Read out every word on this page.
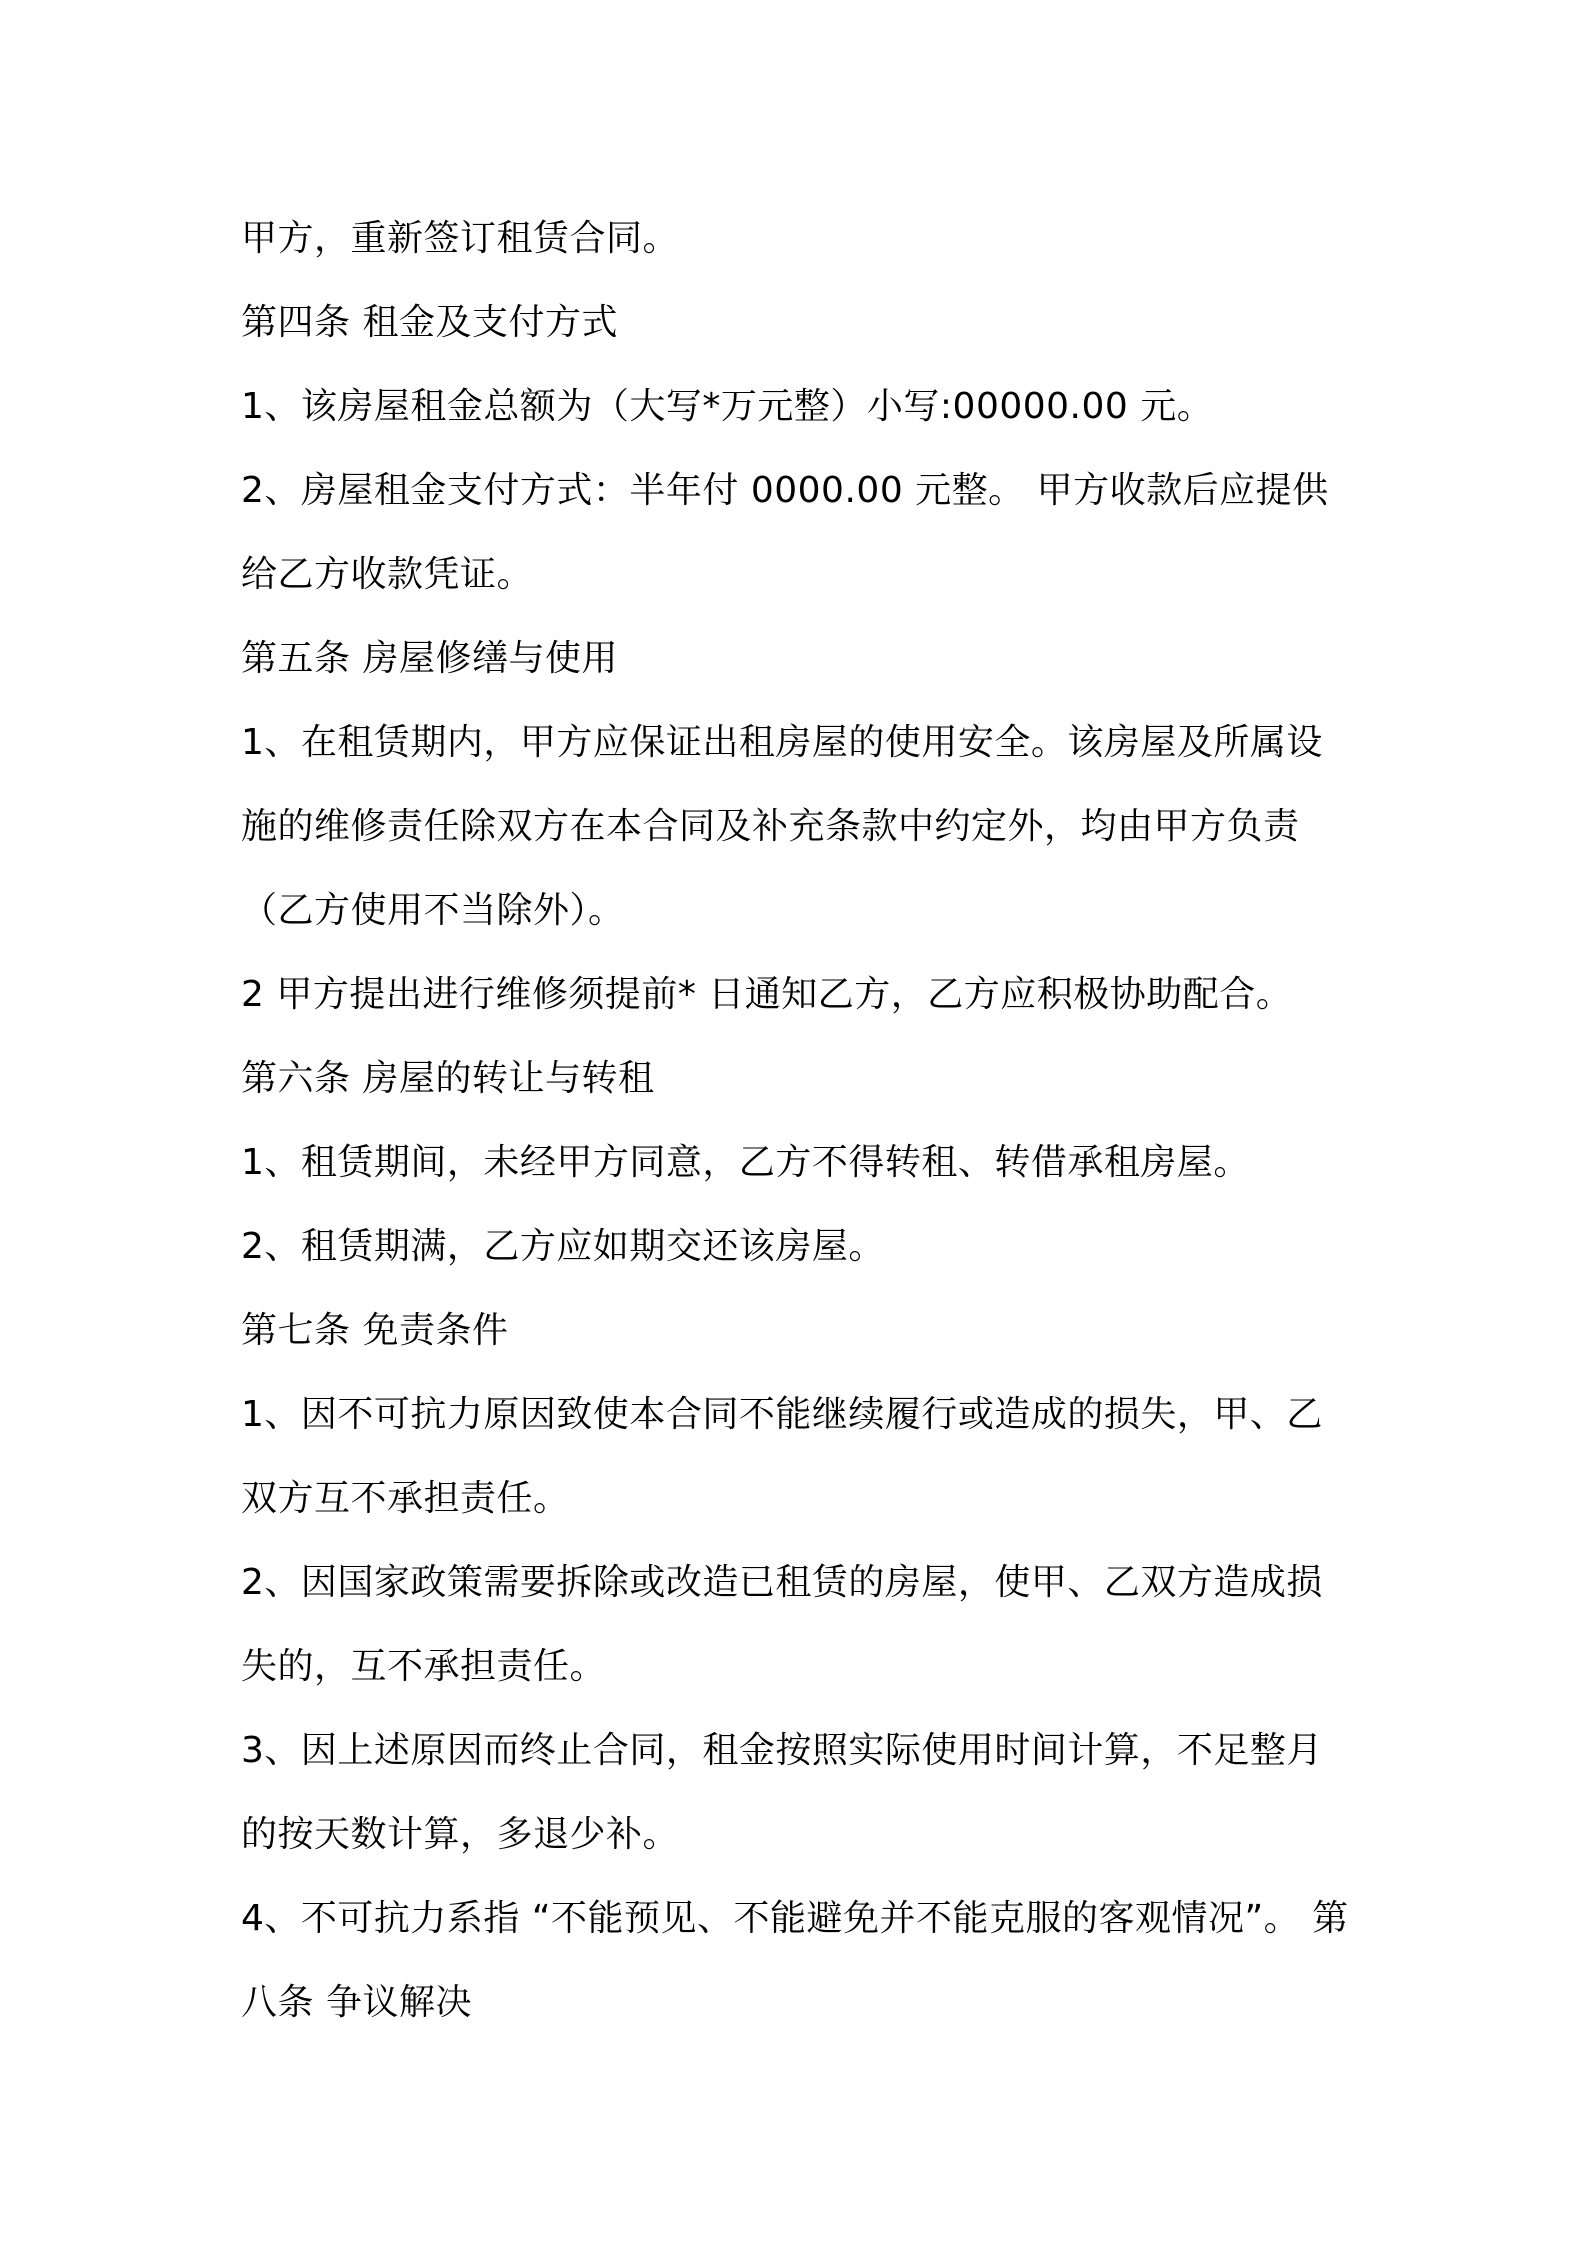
甲方，重新签订租赁合同。
第四条 租金及支付方式
1、该房屋租金总额为（大写*万元整）小写:00000.00 元。
2、房屋租金支付方式：半年付 0000.00 元整。 甲方收款后应提供
给乙方收款凭证。
第五条 房屋修缮与使用
1、在租赁期内，甲方应保证出租房屋的使用安全。该房屋及所属设
施的维修责任除双方在本合同及补充条款中约定外，均由甲方负责
（乙方使用不当除外）。
2 甲方提出进行维修须提前* 日通知乙方，乙方应积极协助配合。
第六条 房屋的转让与转租
1、租赁期间，未经甲方同意，乙方不得转租、转借承租房屋。
2、租赁期满，乙方应如期交还该房屋。
第七条 免责条件
1、因不可抗力原因致使本合同不能继续履行或造成的损失，甲、乙
双方互不承担责任。
2、因国家政策需要拆除或改造已租赁的房屋，使甲、乙双方造成损
失的，互不承担责任。
3、因上述原因而终止合同，租金按照实际使用时间计算，不足整月
的按天数计算，多退少补。
4、不可抗力系指 “不能预见、不能避免并不能克服的客观情况”。 第
八条 争议解决
